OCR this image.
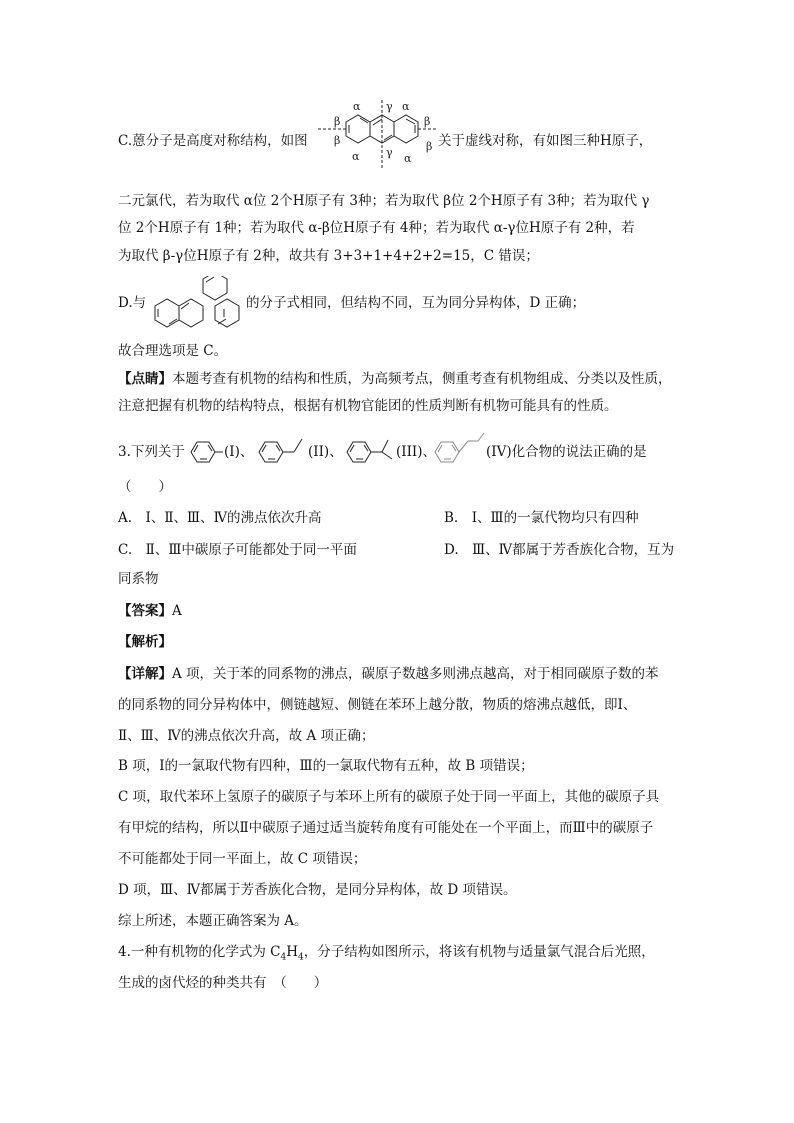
C.蒽分子是高度对称结构，如图
α γ α
β	β
β	β
α γ α
关于虚线对称，有如图三种H原子，
二元氯代，若为取代 α位 2个H原子有 3种；若为取代 β位 2个H原子有 3种；若为取代 γ
位 2个H原子有 1种；若为取代 α-β位H原子有 4种；若为取代 α-γ位H原子有 2种，若
为取代 β-γ位H原子有 2种，故共有 3+3+1+4+2+2=15，C 错误；
D.与	的分子式相同，但结构不同，互为同分异构体，D 正确；
故合理选项是 C。
【点睛】本题考查有机物的结构和性质，为高频考点，侧重考查有机物组成、分类以及性质，
注意把握有机物的结构特点，根据有机物官能团的性质判断有机物可能具有的性质。
3.下列关于	(I)、	(II)、	(III)、	(IV)化合物的说法正确的是
（　　）
A.　Ⅰ、Ⅱ、Ⅲ、Ⅳ的沸点依次升高	B.　Ⅰ、Ⅲ的一氯代物均只有四种
C.　Ⅱ、Ⅲ中碳原子可能都处于同一平面	D.　Ⅲ、Ⅳ都属于芳香族化合物，互为
同系物
【答案】A
【解析】
【详解】A 项，关于苯的同系物的沸点，碳原子数越多则沸点越高，对于相同碳原子数的苯
的同系物的同分异构体中，侧链越短、侧链在苯环上越分散，物质的熔沸点越低，即Ⅰ、
Ⅱ、Ⅲ、Ⅳ的沸点依次升高，故 A 项正确；
B 项，Ⅰ的一氯取代物有四种，Ⅲ的一氯取代物有五种，故 B 项错误；
C 项，取代苯环上氢原子的碳原子与苯环上所有的碳原子处于同一平面上，其他的碳原子具
有甲烷的结构，所以Ⅱ中碳原子通过适当旋转角度有可能处在一个平面上，而Ⅲ中的碳原子
不可能都处于同一平面上，故 C 项错误；
D 项，Ⅲ、Ⅳ都属于芳香族化合物，是同分异构体，故 D 项错误。
综上所述，本题正确答案为 A。
4.一种有机物的化学式为 $C_4H_4$，分子结构如图所示，将该有机物与适量氯气混合后光照，
生成的卤代烃的种类共有　（　　）
